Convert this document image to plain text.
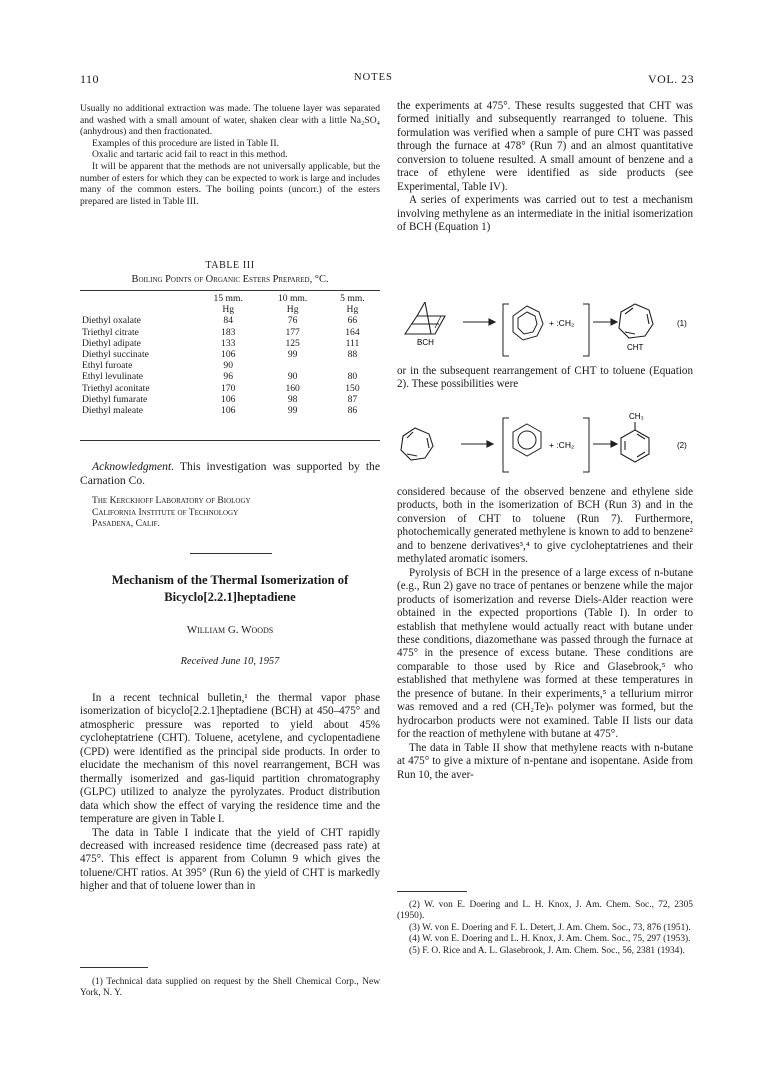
110	NOTES	VOL. 23

Usually no additional extraction was made. The toluene layer was separated and washed with a small amount of water, shaken clear with a little Na₂SO₄ (anhydrous) and then fractionated.

Examples of this procedure are listed in Table II.

Oxalic and tartaric acid fail to react in this method.

It will be apparent that the methods are not universally applicable, but the number of esters for which they can be expected to work is large and includes many of the common esters. The boiling points (uncorr.) of the esters prepared are listed in Table III.

TABLE III
Boiling Points of Organic Esters Prepared, °C.
	15 mm.	10 mm.	5 mm.
	Hg	Hg	Hg
Diethyl oxalate	84	76	66
Triethyl citrate	183	177	164
Diethyl adipate	133	125	111
Diethyl succinate	106	99	88
Ethyl furoate	90		
Ethyl levulinate	96	90	80
Triethyl aconitate	170	160	150
Diethyl fumarate	106	98	87
Diethyl maleate	106	99	86

Acknowledgment. This investigation was supported by the Carnation Co.

The Kerckhoff Laboratory of Biology
California Institute of Technology
Pasadena, Calif.
Mechanism of the Thermal Isomerization of
Bicyclo[2.2.1]heptadiene
William G. Woods
Received June 10, 1957

In a recent technical bulletin,¹ the thermal vapor phase isomerization of bicyclo[2.2.1]heptadiene (BCH) at 450–475° and atmospheric pressure was reported to yield about 45% cycloheptatriene (CHT). Toluene, acetylene, and cyclopentadiene (CPD) were identified as the principal side products. In order to elucidate the mechanism of this novel rearrangement, BCH was thermally isomerized and gas-liquid partition chromatography (GLPC) utilized to analyze the pyrolyzates. Product distribution data which show the effect of varying the residence time and the temperature are given in Table I.

The data in Table I indicate that the yield of CHT rapidly decreased with increased residence time (decreased pass rate) at 475°. This effect is apparent from Column 9 which gives the toluene/CHT ratios. At 395° (Run 6) the yield of CHT is markedly higher and that of toluene lower than in

(1) Technical data supplied on request by the Shell Chemical Corp., New York, N. Y.

the experiments at 475°. These results suggested that CHT was formed initially and subsequently rearranged to toluene. This formulation was verified when a sample of pure CHT was passed through the furnace at 478° (Run 7) and an almost quantitative conversion to toluene resulted. A small amount of benzene and a trace of ethylene were identified as side products (see Experimental, Table IV).

A series of experiments was carried out to test a mechanism involving methylene as an intermediate in the initial isomerization of BCH (Equation 1)

BCH
+ :CH₂
CHT
(1)

or in the subsequent rearrangement of CHT to toluene (Equation 2). These possibilities were

+ :CH₂
CH₃
(2)

considered because of the observed benzene and ethylene side products, both in the isomerization of BCH (Run 3) and in the conversion of CHT to toluene (Run 7). Furthermore, photochemically generated methylene is known to add to benzene² and to benzene derivatives³,⁴ to give cycloheptatrienes and their methylated aromatic isomers.

Pyrolysis of BCH in the presence of a large excess of n-butane (e.g., Run 2) gave no trace of pentanes or benzene while the major products of isomerization and reverse Diels-Alder reaction were obtained in the expected proportions (Table I). In order to establish that methylene would actually react with butane under these conditions, diazomethane was passed through the furnace at 475° in the presence of excess butane. These conditions are comparable to those used by Rice and Glasebrook,⁵ who established that methylene was formed at these temperatures in the presence of butane. In their experiments,⁵ a tellurium mirror was removed and a red (CH₂Te)ₙ polymer was formed, but the hydrocarbon products were not examined. Table II lists our data for the reaction of methylene with butane at 475°.

The data in Table II show that methylene reacts with n-butane at 475° to give a mixture of n-pentane and isopentane. Aside from Run 10, the aver-

(2) W. von E. Doering and L. H. Knox, J. Am. Chem. Soc., 72, 2305 (1950).

(3) W. von E. Doering and F. L. Detert, J. Am. Chem. Soc., 73, 876 (1951).

(4) W. von E. Doering and L. H. Knox, J. Am. Chem. Soc., 75, 297 (1953).

(5) F. O. Rice and A. L. Glasebrook, J. Am. Chem. Soc., 56, 2381 (1934).
